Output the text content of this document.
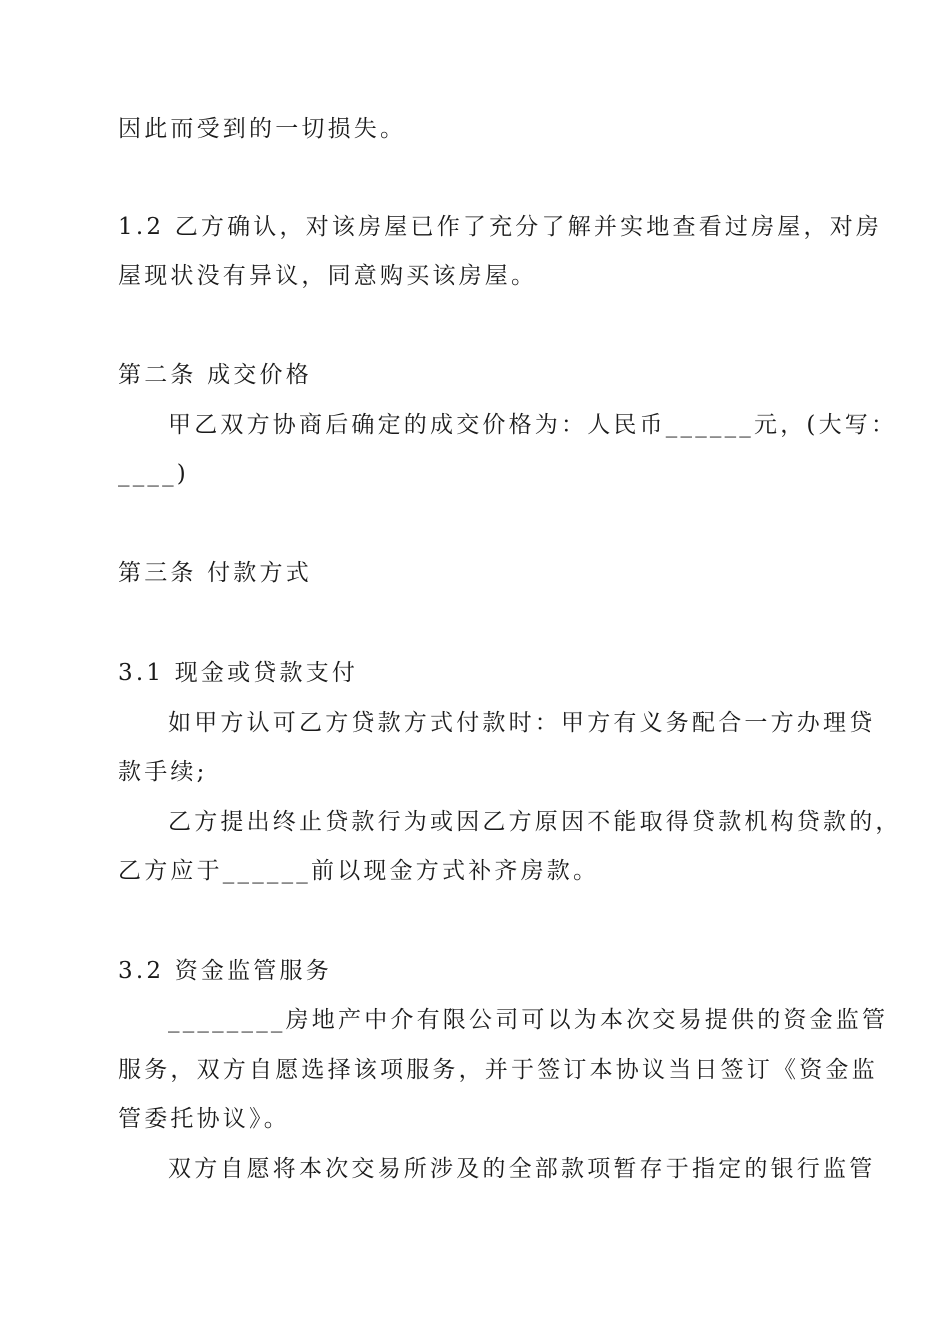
因此而受到的一切损失。
1.2 乙方确认，对该房屋已作了充分了解并实地查看过房屋，对房
屋现状没有异议，同意购买该房屋。
第二条 成交价格
甲乙双方协商后确定的成交价格为：人民币______元，(大写：
____)
第三条 付款方式
3.1 现金或贷款支付
如甲方认可乙方贷款方式付款时：甲方有义务配合一方办理贷
款手续;
乙方提出终止贷款行为或因乙方原因不能取得贷款机构贷款的，
乙方应于______前以现金方式补齐房款。
3.2 资金监管服务
________房地产中介有限公司可以为本次交易提供的资金监管
服务，双方自愿选择该项服务，并于签订本协议当日签订《资金监
管委托协议》。
双方自愿将本次交易所涉及的全部款项暂存于指定的银行监管
